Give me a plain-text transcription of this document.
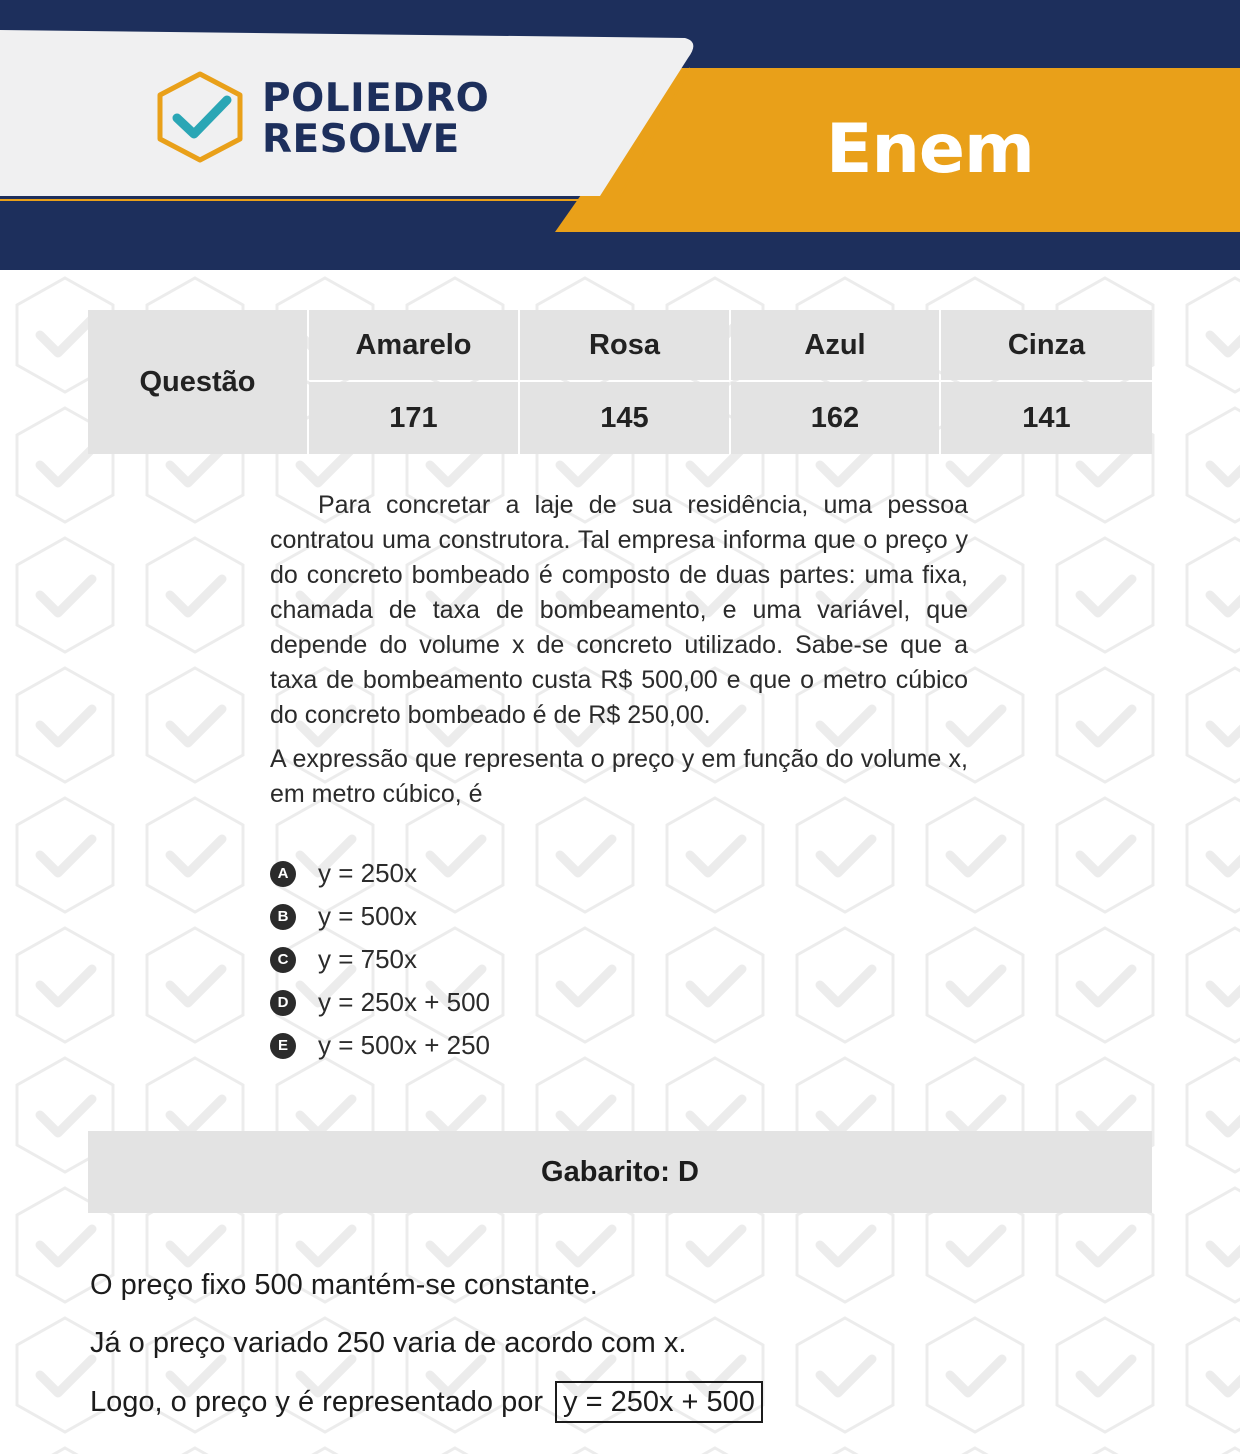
POLIEDRO
RESOLVE	Enem
Questão
Amarelo	Rosa	Azul	Cinza
171	145	162	141

Para concretar a laje de sua residência, uma pessoa contratou uma construtora. Tal empresa informa que o preço y do concreto bombeado é composto de duas partes: uma fixa, chamada de taxa de bombeamento, e uma variável, que depende do volume x de concreto utilizado. Sabe-se que a taxa de bombeamento custa R$ 500,00 e que o metro cúbico do concreto bombeado é de R$ 250,00.

A expressão que representa o preço y em função do volume x, em metro cúbico, é

A y = 250x
B y = 500x
C y = 750x
D y = 250x + 500
E	y = 500x + 250
Gabarito: D
O preço fixo 500 mantém-se constante.
Já o preço variado 250 varia de acordo com x.
Logo, o preço y é representado por y = 250x + 500
